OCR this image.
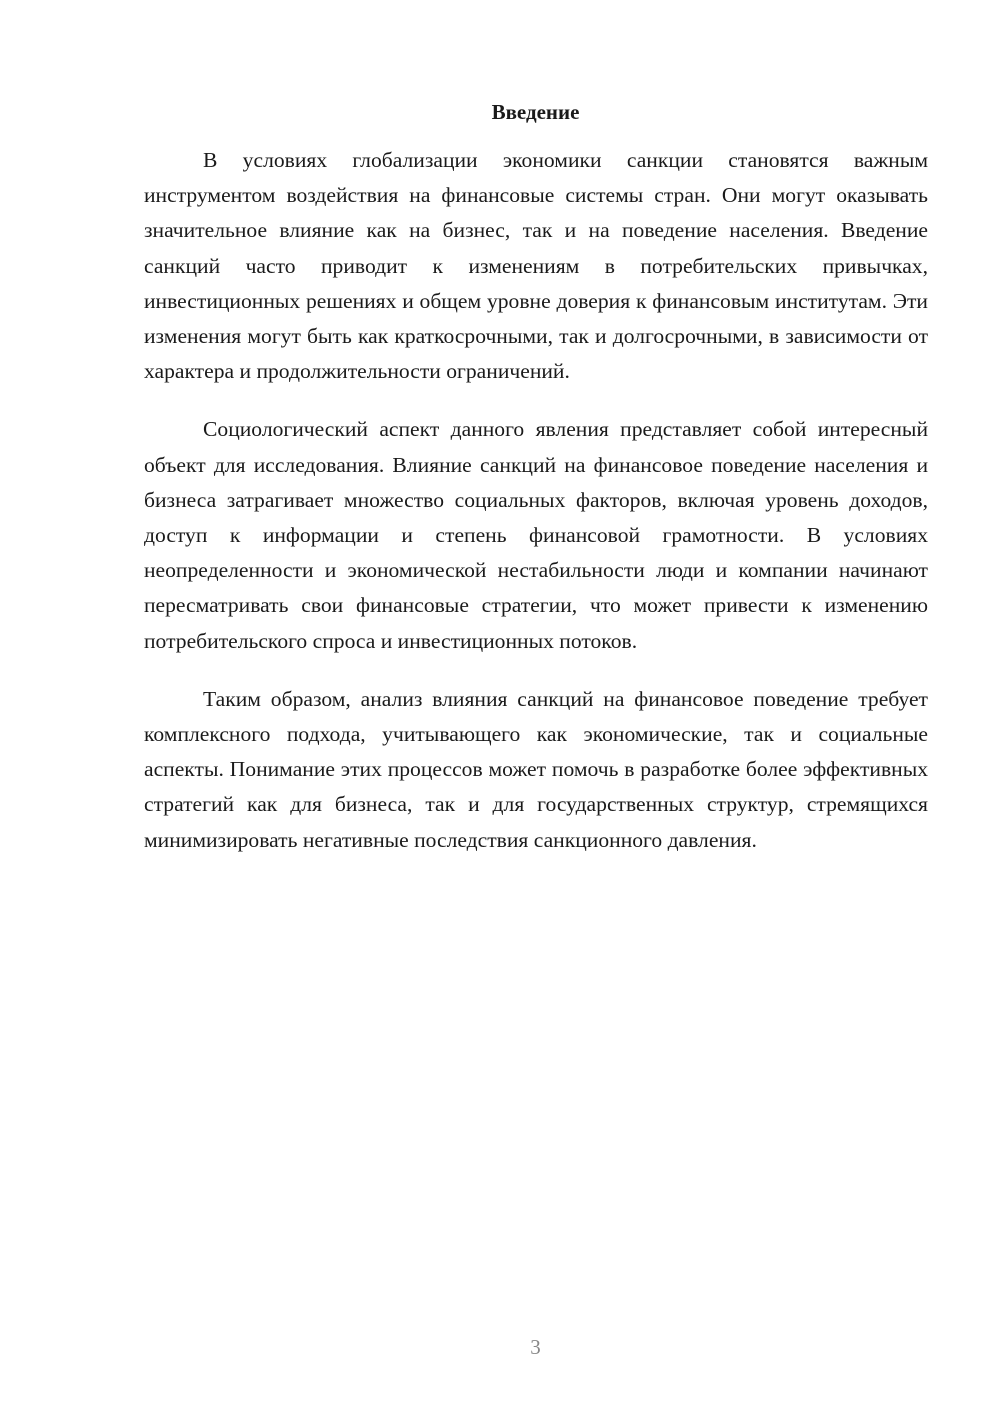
Введение

В условиях глобализации экономики санкции становятся важным инструментом воздействия на финансовые системы стран. Они могут оказывать значительное влияние как на бизнес, так и на поведение населения. Введение санкций часто приводит к изменениям в потребительских привычках, инвестиционных решениях и общем уровне доверия к финансовым институтам. Эти изменения могут быть как краткосрочными, так и долгосрочными, в зависимости от характера и продолжительности ограничений.

Социологический аспект данного явления представляет собой интересный объект для исследования. Влияние санкций на финансовое поведение населения и бизнеса затрагивает множество социальных факторов, включая уровень доходов, доступ к информации и степень финансовой грамотности. В условиях неопределенности и экономической нестабильности люди и компании начинают пересматривать свои финансовые стратегии, что может привести к изменению потребительского спроса и инвестиционных потоков.

Таким образом, анализ влияния санкций на финансовое поведение требует комплексного подхода, учитывающего как экономические, так и социальные аспекты. Понимание этих процессов может помочь в разработке более эффективных стратегий как для бизнеса, так и для государственных структур, стремящихся минимизировать негативные последствия санкционного давления.

3
